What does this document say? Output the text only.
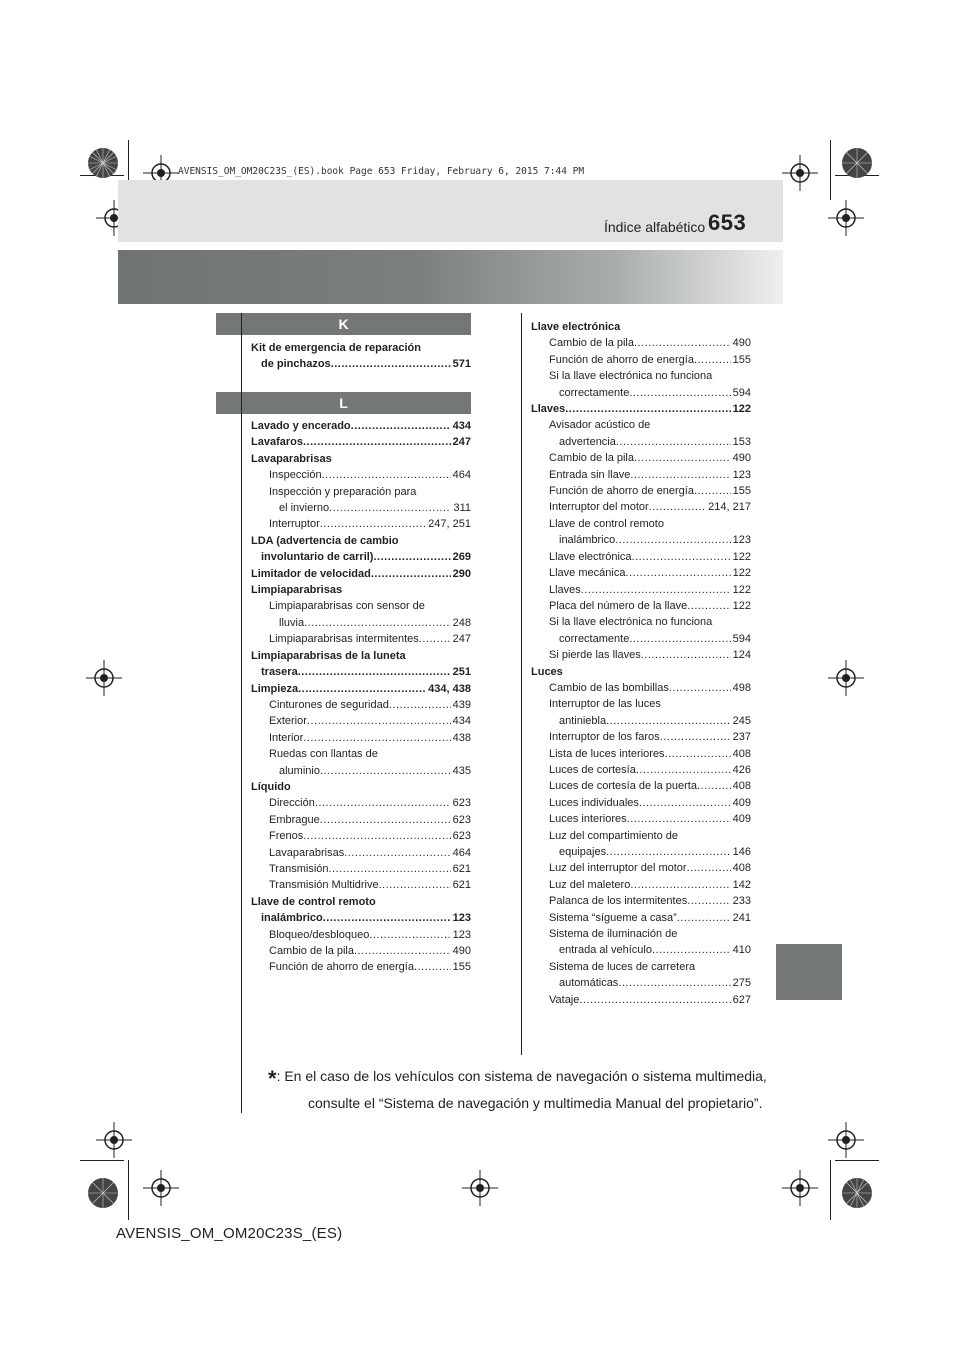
AVENSIS_OM_OM20C23S_(ES).book Page 653 Friday, February 6, 2015 7:44 PM
Índice alfabético 653
K
L
Kit de emergencia de reparación
de pinchazos .....	571
Lavado y encerado .....	434
Lavafaros .....	247
Lavaparabrisas
Inspección .....	464
Inspección y preparación para
el invierno .....	311
Interruptor .....	247, 251
LDA (advertencia de cambio
involuntario de carril) .....	269
Limitador de velocidad .....	290
Limpiaparabrisas
Limpiaparabrisas con sensor de
lluvia .....	248
Limpiaparabrisas intermitentes .....	247
Limpiaparabrisas de la luneta
trasera .....	251
Limpieza .....	434, 438
Cinturones de seguridad .....	439
Exterior .....	434
Interior .....	438
Ruedas con llantas de
aluminio .....	435
Líquido
Dirección .....	623
Embrague .....	623
Frenos .....	623
Lavaparabrisas .....	464
Transmisión .....	621
Transmisión Multidrive .....	621
Llave de control remoto
inalámbrico .....	123
Bloqueo/desbloqueo .....	123
Cambio de la pila .....	490
Función de ahorro de energía .....	155
Llave electrónica
Cambio de la pila .....	490
Función de ahorro de energía .....	155
Si la llave electrónica no funciona
correctamente .....	594
Llaves .....	122
Avisador acústico de
advertencia .....	153
Cambio de la pila .....	490
Entrada sin llave .....	123
Función de ahorro de energía .....	155
Interruptor del motor .....	214, 217
Llave de control remoto
inalámbrico .....	123
Llave electrónica .....	122
Llave mecánica .....	122
Llaves .....	122
Placa del número de la llave .....	122
Si la llave electrónica no funciona
correctamente .....	594
Si pierde las llaves .....	124
Luces
Cambio de las bombillas .....	498
Interruptor de las luces
antiniebla .....	245
Interruptor de los faros .....	237
Lista de luces interiores .....	408
Luces de cortesía .....	426
Luces de cortesía de la puerta .....	408
Luces individuales .....	409
Luces interiores .....	409
Luz del compartimiento de
equipajes .....	146
Luz del interruptor del motor .....	408
Luz del maletero .....	142
Palanca de los intermitentes .....	233
Sistema “sígueme a casa” .....	241
Sistema de iluminación de
entrada al vehículo .....	410
Sistema de luces de carretera
automáticas .....	275
Vataje .....	627
*: En el caso de los vehículos con sistema de navegación o sistema multimedia,
consulte el “Sistema de navegación y multimedia Manual del propietario”.
AVENSIS_OM_OM20C23S_(ES)
